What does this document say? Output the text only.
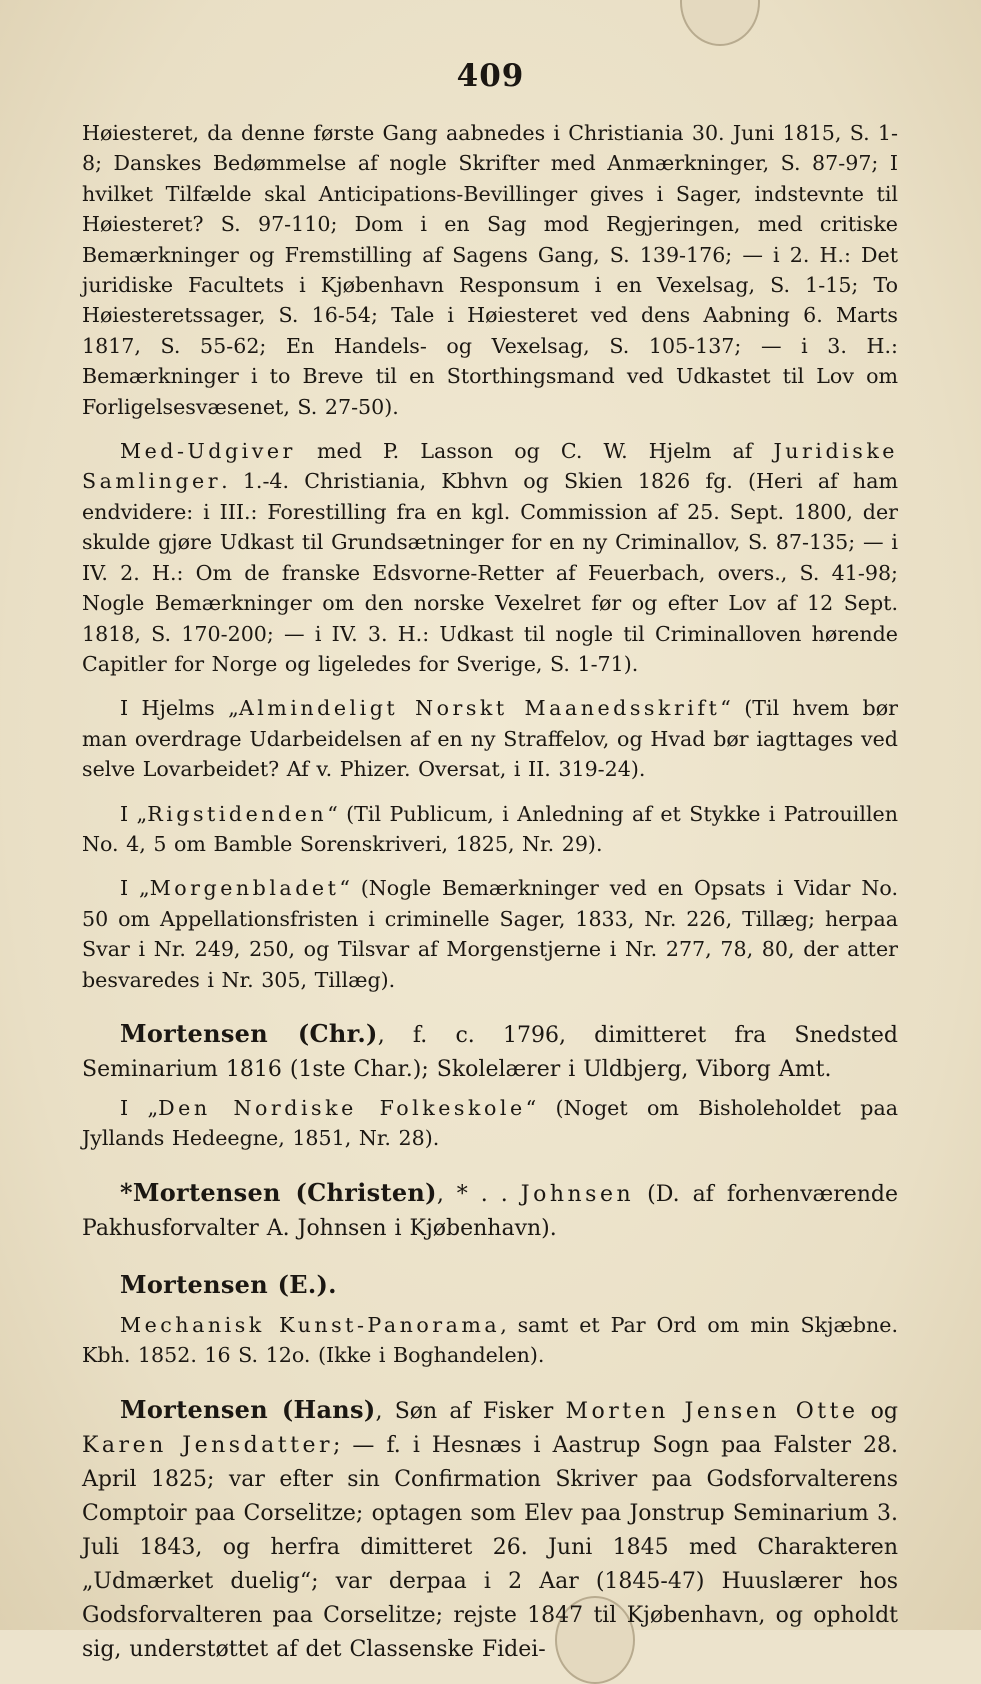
409

Høiesteret, da denne første Gang aabnedes i Christiania 30. Juni 1815, S. 1-8; Danskes Bedømmelse af nogle Skrifter med Anmærkninger, S. 87-97; I hvilket Tilfælde skal Anticipations-Bevillinger gives i Sager, indstevnte til Høiesteret? S. 97-110; Dom i en Sag mod Regjeringen, med critiske Bemærkninger og Fremstilling af Sagens Gang, S. 139-176; — i 2. H.: Det juridiske Facultets i Kjøbenhavn Responsum i en Vexelsag, S. 1-15; To Høiesteretssager, S. 16-54; Tale i Høiesteret ved dens Aabning 6. Marts 1817, S. 55-62; En Handels- og Vexelsag, S. 105-137; — i 3. H.: Bemærkninger i to Breve til en Storthingsmand ved Udkastet til Lov om Forligelsesvæsenet, S. 27-50).

Med-Udgiver med P. Lasson og C. W. Hjelm af Juridiske Samlinger. 1.-4. Christiania, Kbhvn og Skien 1826 fg. (Heri af ham endvidere: i III.: Forestilling fra en kgl. Commission af 25. Sept. 1800, der skulde gjøre Udkast til Grundsætninger for en ny Criminallov, S. 87-135; — i IV. 2. H.: Om de franske Edsvorne-Retter af Feuerbach, overs., S. 41-98; Nogle Bemærkninger om den norske Vexelret før og efter Lov af 12 Sept. 1818, S. 170-200; — i IV. 3. H.: Udkast til nogle til Criminalloven hørende Capitler for Norge og ligeledes for Sverige, S. 1-71).

I Hjelms „Almindeligt Norskt Maanedsskrift“ (Til hvem bør man overdrage Udarbeidelsen af en ny Straffelov, og Hvad bør iagttages ved selve Lovarbeidet? Af v. Phizer. Oversat, i II. 319-24).

I „Rigstidenden“ (Til Publicum, i Anledning af et Stykke i Patrouillen No. 4, 5 om Bamble Sorenskriveri, 1825, Nr. 29).

I „Morgenbladet“ (Nogle Bemærkninger ved en Opsats i Vidar No. 50 om Appellationsfristen i criminelle Sager, 1833, Nr. 226, Tillæg; herpaa Svar i Nr. 249, 250, og Tilsvar af Morgenstjerne i Nr. 277, 78, 80, der atter besvaredes i Nr. 305, Tillæg).

Mortensen (Chr.), f. c. 1796, dimitteret fra Snedsted Seminarium 1816 (1ste Char.); Skolelærer i Uldbjerg, Viborg Amt.

I „Den Nordiske Folkeskole“ (Noget om Bisholeholdet paa Jyllands Hedeegne, 1851, Nr. 28).

*Mortensen (Christen), * . . Johnsen (D. af forhenværende Pakhusforvalter A. Johnsen i Kjøbenhavn).

Mortensen (E.).

Mechanisk Kunst-Panorama, samt et Par Ord om min Skjæbne. Kbh. 1852. 16 S. 12o. (Ikke i Boghandelen).

Mortensen (Hans), Søn af Fisker Morten Jensen Otte og Karen Jensdatter; — f. i Hesnæs i Aastrup Sogn paa Falster 28. April 1825; var efter sin Confirmation Skriver paa Godsforvalterens Comptoir paa Corselitze; optagen som Elev paa Jonstrup Seminarium 3. Juli 1843, og herfra dimitteret 26. Juni 1845 med Charakteren „Udmærket duelig“; var derpaa i 2 Aar (1845-47) Huuslærer hos Godsforvalteren paa Corselitze; rejste 1847 til Kjøbenhavn, og opholdt sig, understøttet af det Classenske Fidei-
